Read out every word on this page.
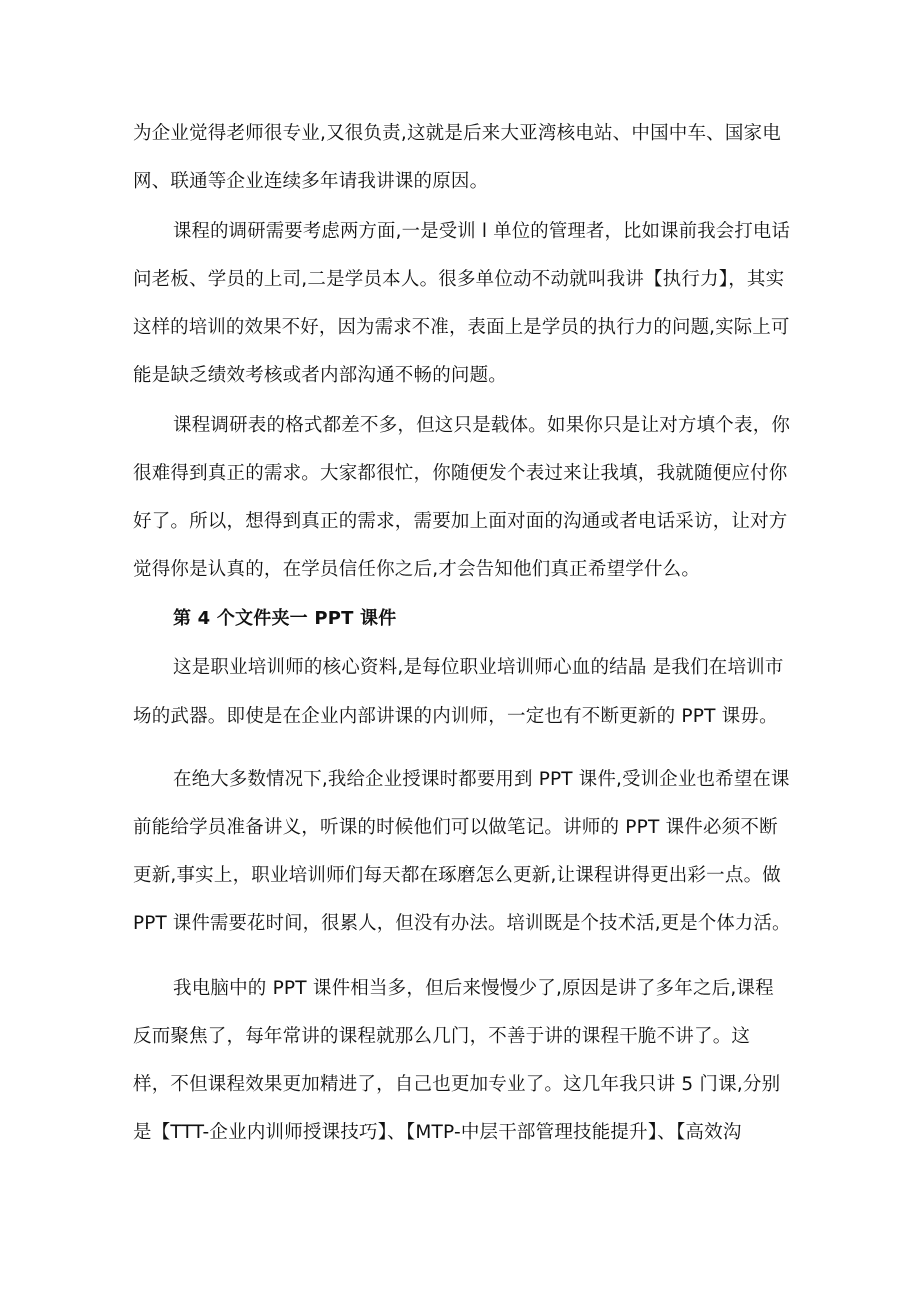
为企业觉得老师很专业,又很负责,这就是后来大亚湾核电站、中国中车、国家电
网、联通等企业连续多年请我讲课的原因。
课程的调研需要考虑两方面,一是受训 l 单位的管理者，比如课前我会打电话
问老板、学员的上司,二是学员本人。很多单位动不动就叫我讲【执行力】，其实
这样的培训的效果不好，因为需求不准，表面上是学员的执行力的问题,实际上可
能是缺乏绩效考核或者内部沟通不畅的问题。
课程调研表的格式都差不多，但这只是载体。如果你只是让对方填个表，你
很难得到真正的需求。大家都很忙，你随便发个表过来让我填，我就随便应付你
好了。所以，想得到真正的需求，需要加上面对面的沟通或者电话采访，让对方
觉得你是认真的，在学员信任你之后,才会告知他们真正希望学什么。
第 4 个文件夹一 PPT 课件
这是职业培训师的核心资料,是每位职业培训师心血的结晶 是我们在培训市
场的武器。即使是在企业内部讲课的内训师，一定也有不断更新的 PPT 课毋。
在绝大多数情况下,我给企业授课时都要用到 PPT 课件,受训企业也希望在课
前能给学员准备讲义，听课的时候他们可以做笔记。讲师的 PPT 课件必须不断
更新,事实上，职业培训师们每天都在琢磨怎么更新,让课程讲得更出彩一点。做
PPT 课件需要花时间，很累人，但没有办法。培训既是个技术活,更是个体力活。
我电脑中的 PPT 课件相当多，但后来慢慢少了,原因是讲了多年之后,课程
反而聚焦了，每年常讲的课程就那么几门，不善于讲的课程干脆不讲了。这
样，不但课程效果更加精进了，自己也更加专业了。这几年我只讲 5 门课,分别
是【TTT-企业内训师授课技巧】、【MTP-中层干部管理技能提升】、【高效沟
